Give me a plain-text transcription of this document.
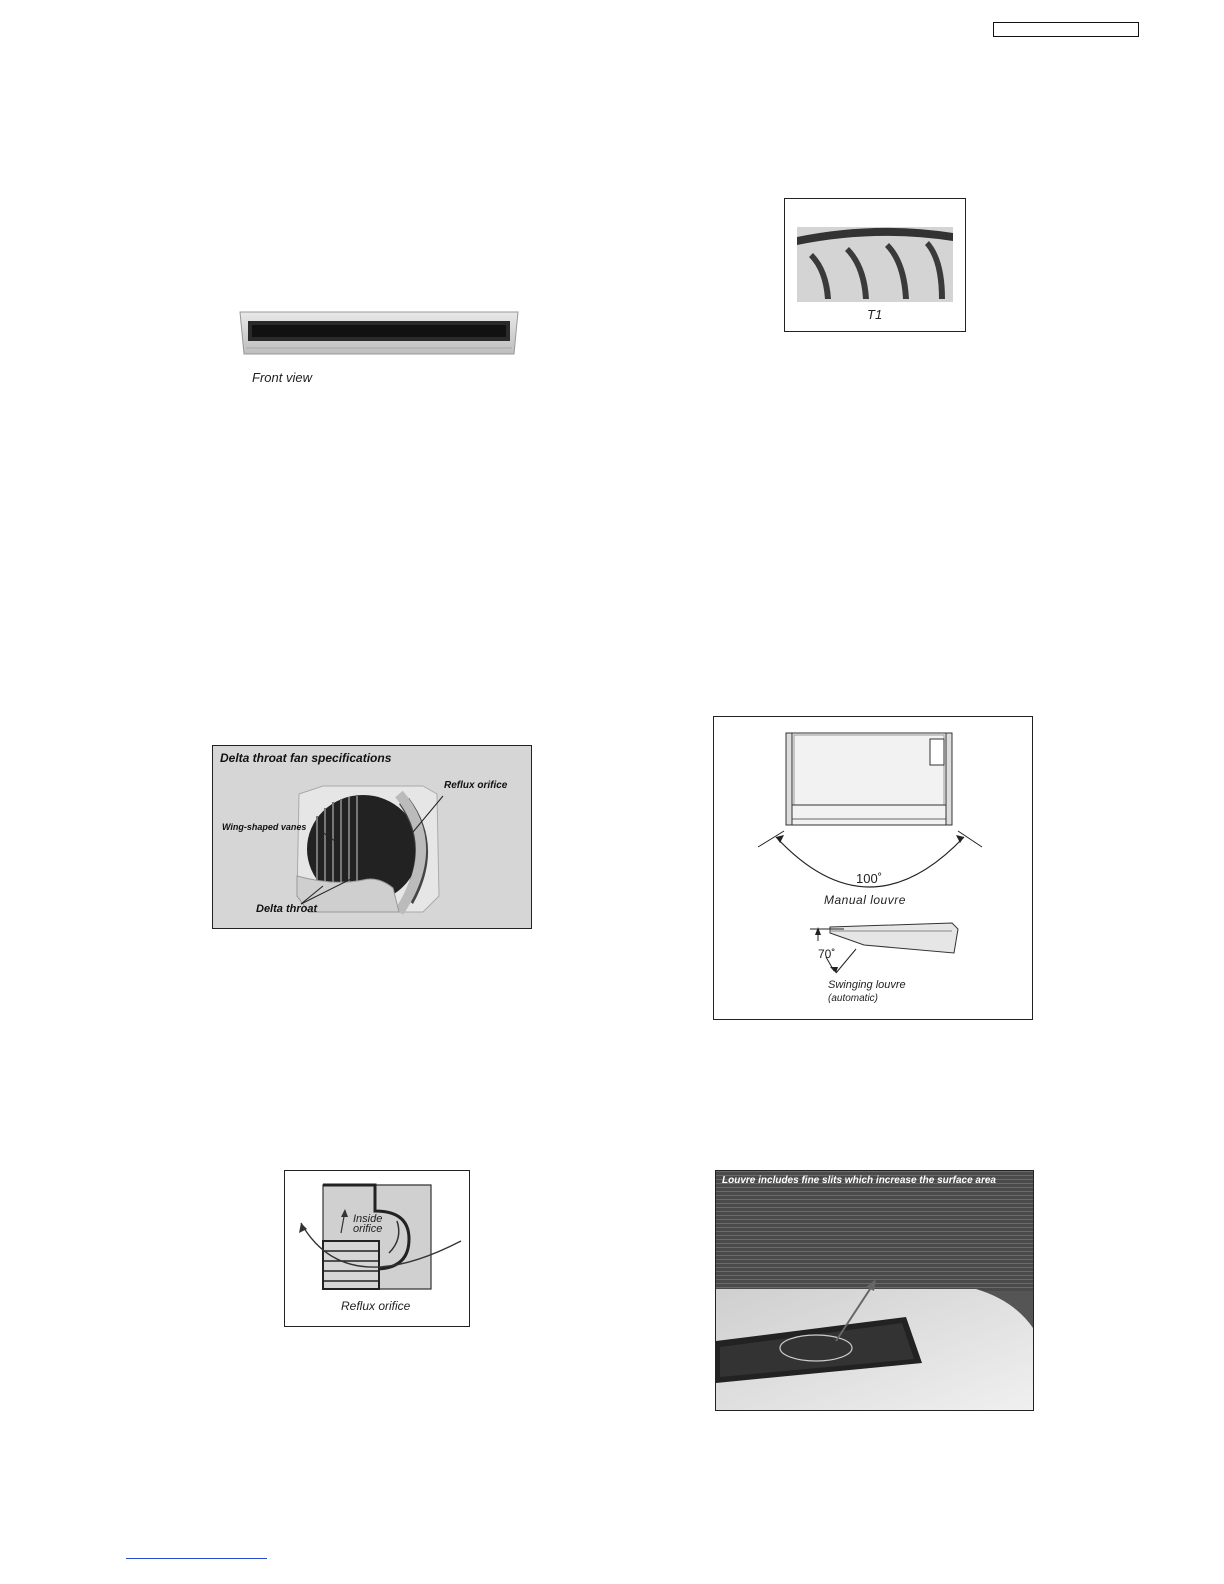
Front view
T1
Delta throat fan specifications
Wing-shaped vanes
Reflux orifice
Delta throat
100˚
Manual louvre
70˚
Swinging louvre
(automatic)
Inside
orifice
Reflux orifice
Louvre includes fine slits which increase the surface area
